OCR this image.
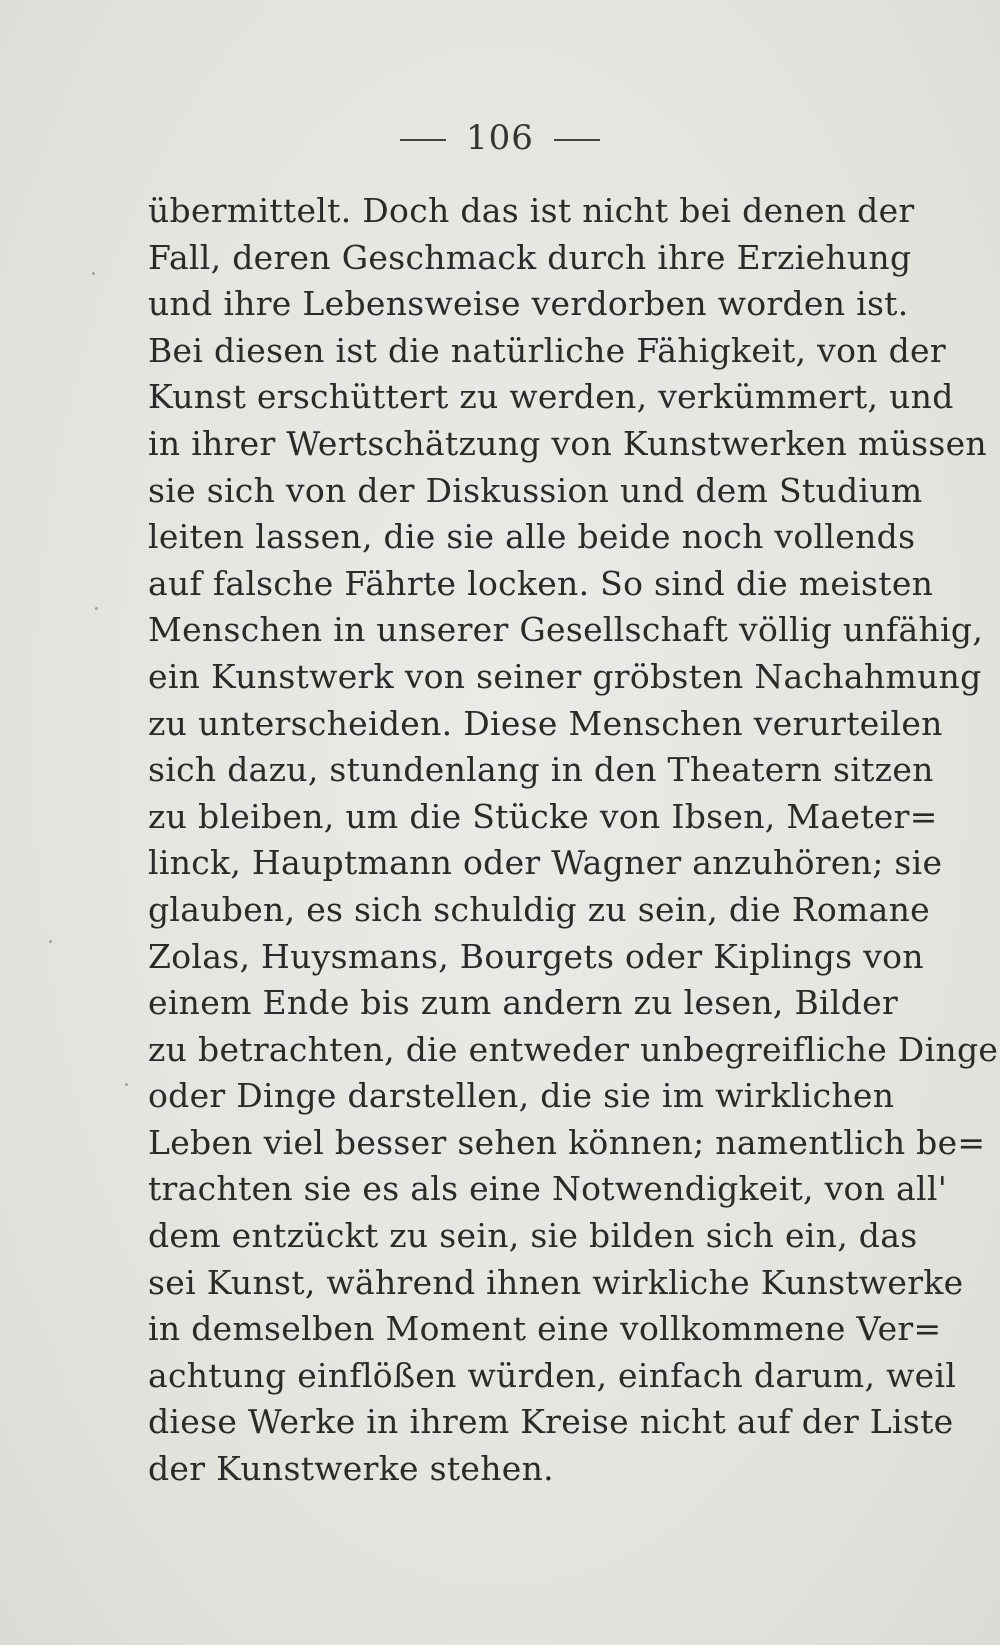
106
übermittelt. Doch das ist nicht bei denen der
Fall, deren Geschmack durch ihre Erziehung
und ihre Lebensweise verdorben worden ist.
Bei diesen ist die natürliche Fähigkeit, von der
Kunst erschüttert zu werden, verkümmert, und
in ihrer Wertschätzung von Kunstwerken müssen
sie sich von der Diskussion und dem Studium
leiten lassen, die sie alle beide noch vollends
auf falsche Fährte locken. So sind die meisten
Menschen in unserer Gesellschaft völlig unfähig,
ein Kunstwerk von seiner gröbsten Nachahmung
zu unterscheiden. Diese Menschen verurteilen
sich dazu, stundenlang in den Theatern sitzen
zu bleiben, um die Stücke von Ibsen, Maeter=
linck, Hauptmann oder Wagner anzuhören; sie
glauben, es sich schuldig zu sein, die Romane
Zolas, Huysmans, Bourgets oder Kiplings von
einem Ende bis zum andern zu lesen, Bilder
zu betrachten, die entweder unbegreifliche Dinge
oder Dinge darstellen, die sie im wirklichen
Leben viel besser sehen können; namentlich be=
trachten sie es als eine Notwendigkeit, von all'
dem entzückt zu sein, sie bilden sich ein, das
sei Kunst, während ihnen wirkliche Kunstwerke
in demselben Moment eine vollkommene Ver=
achtung einflößen würden, einfach darum, weil
diese Werke in ihrem Kreise nicht auf der Liste
der Kunstwerke stehen.
